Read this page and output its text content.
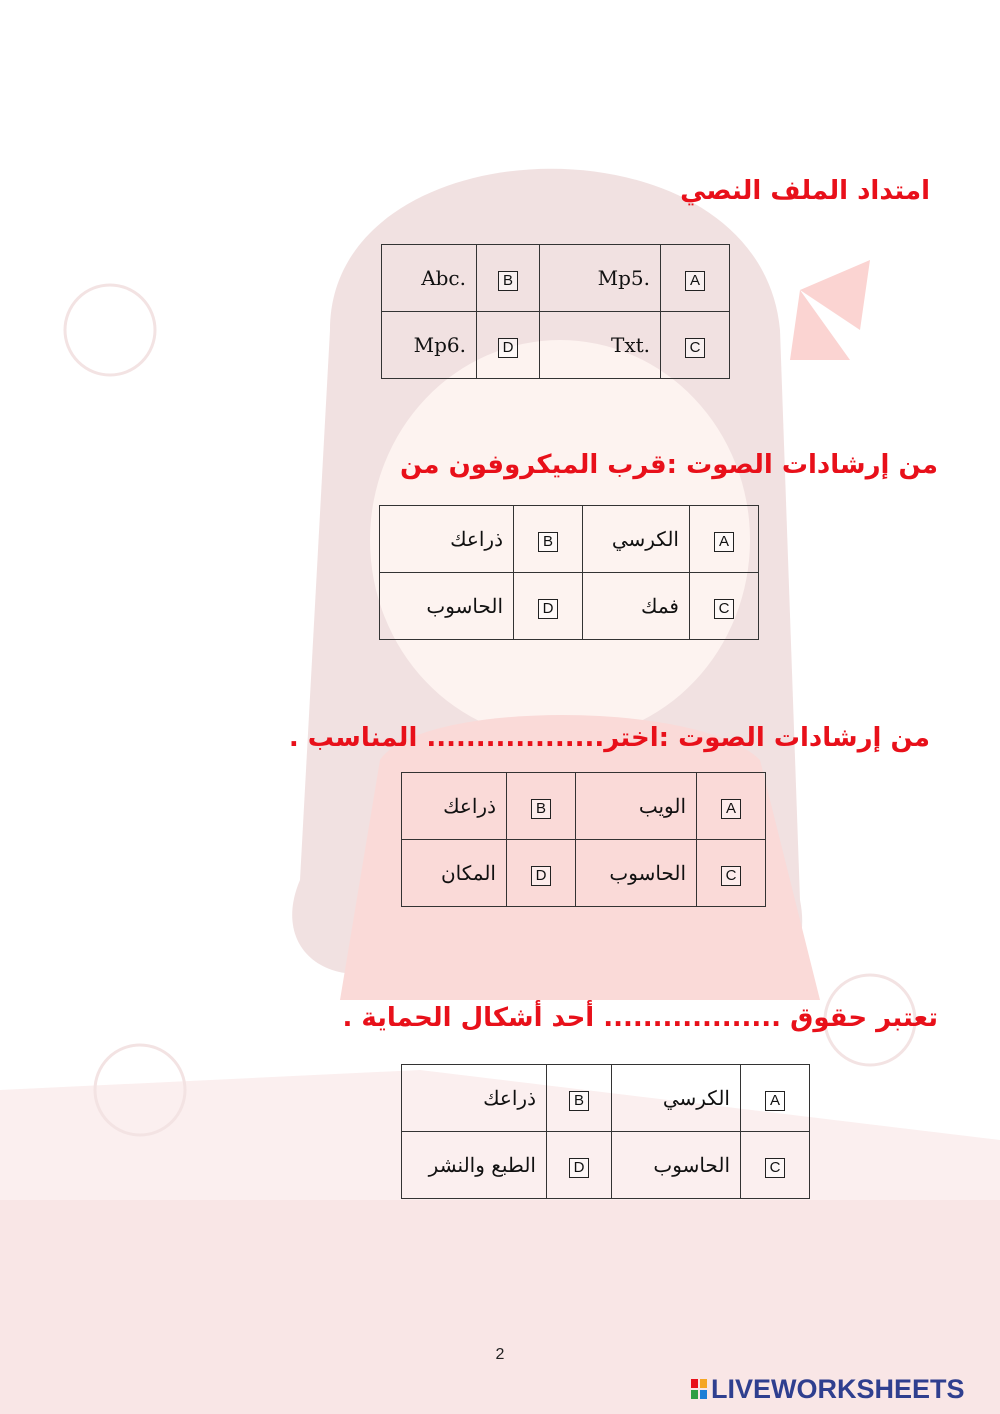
امتداد الملف النصي
A	.Mp5	B	.Abc
C	.Txt	D	.Mp6
من إرشادات الصوت :قرب الميكروفون من
A	الكرسي	B	ذراعك
C	فمك	D	الحاسوب
من إرشادات الصوت :اختر.................. المناسب .
A	الويب	B	ذراعك
C	الحاسوب	D	المكان
تعتبر حقوق .................. أحد أشكال الحماية .
A	الكرسي	B	ذراعك
C	الحاسوب	D	الطبع والنشر
2
LIVEWORKSHEETS
